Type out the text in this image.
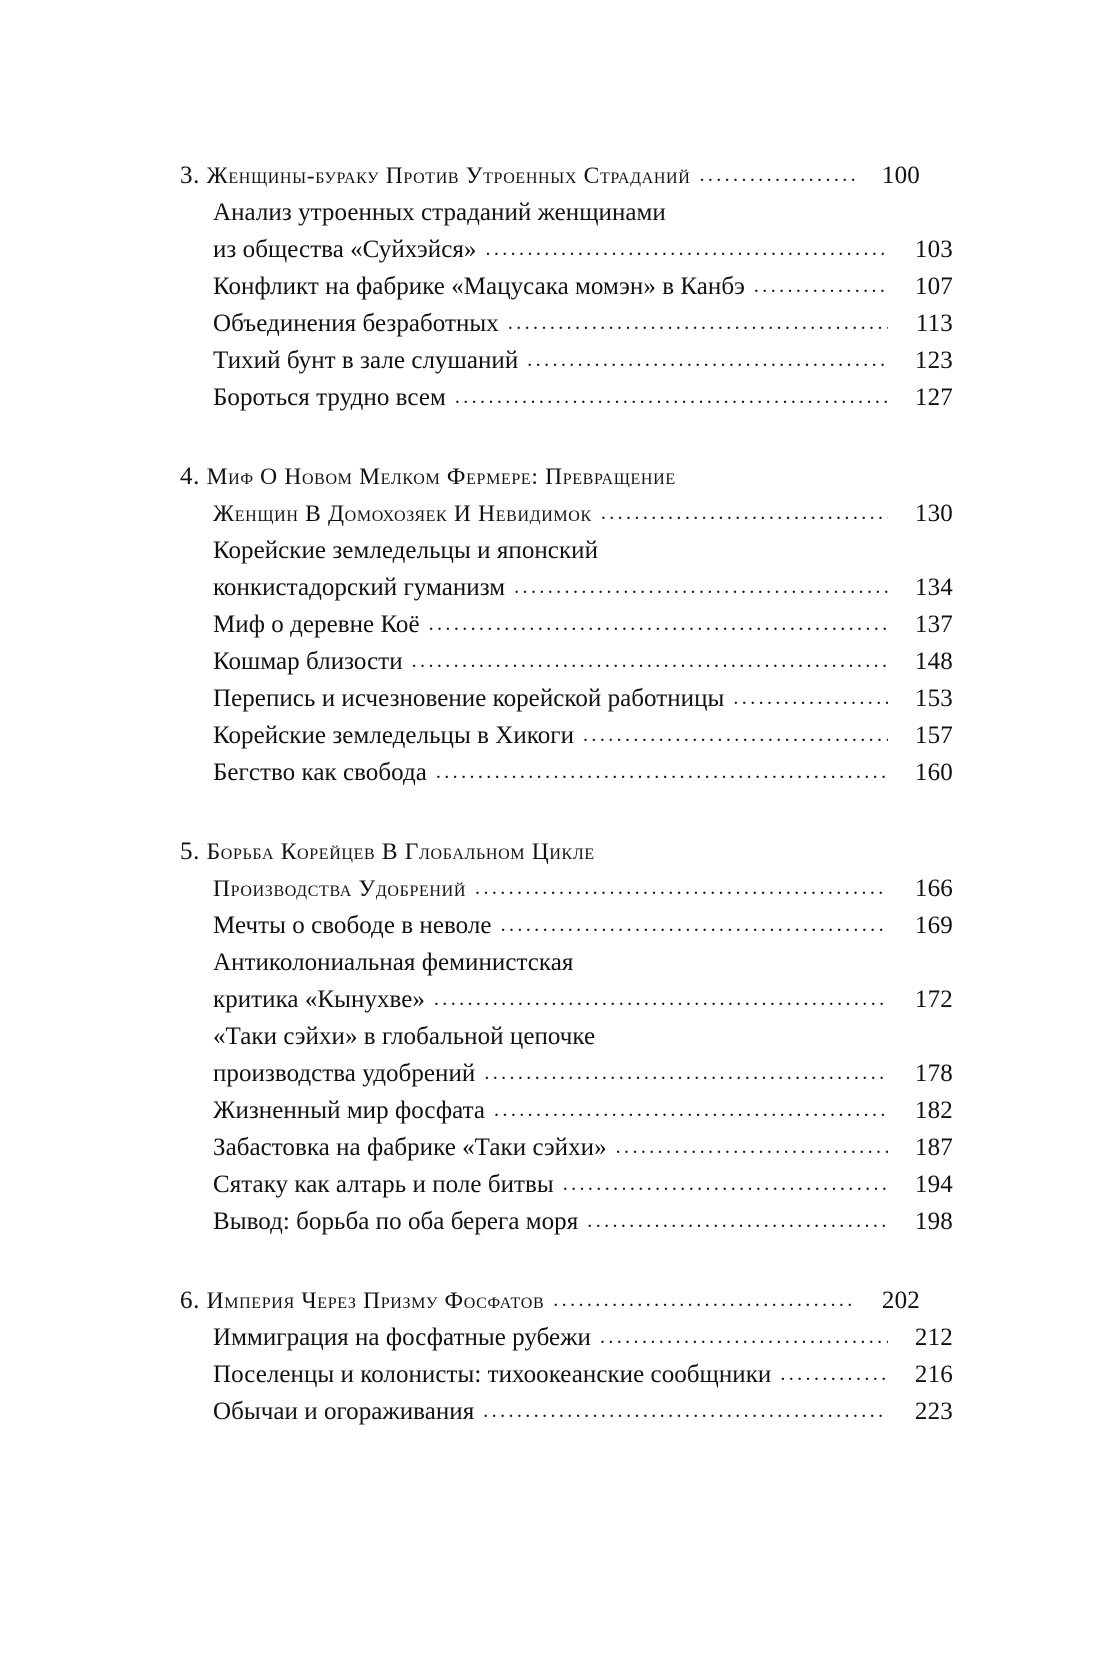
3. Женщины-бураку Против Утроенных Страданий .....	100
Анализ утроенных страданий женщинами
из общества «Суйхэйся» .....	103
Конфликт на фабрике «Мацусака момэн» в Канбэ .....	107
Объединения безработных .....	113
Тихий бунт в зале слушаний .....	123
Бороться трудно всем .....	127
4. Миф О Новом Мелком Фермере: Превращение
Женщин В Домохозяек И Невидимок .....	130
Корейские земледельцы и японский
конкистадорский гуманизм .....	134
Миф о деревне Коё .....	137
Кошмар близости .....	148
Перепись и исчезновение корейской работницы .....	153
Корейские земледельцы в Хикоги .....	157
Бегство как свобода .....	160
5. Борьба Корейцев В Глобальном Цикле
Производства Удобрений .....	166
Мечты о свободе в неволе .....	169
Антиколониальная феминистская
критика «Кынухве» .....	172
«Таки сэйхи» в глобальной цепочке
производства удобрений .....	178
Жизненный мир фосфата .....	182
Забастовка на фабрике «Таки сэйхи» .....	187
Сятаку как алтарь и поле битвы .....	194
Вывод: борьба по оба берега моря .....	198
6. Империя Через Призму Фосфатов .....	202
Иммиграция на фосфатные рубежи .....	212
Поселенцы и колонисты: тихоокеанские сообщники .....	216
Обычаи и огораживания .....	223
